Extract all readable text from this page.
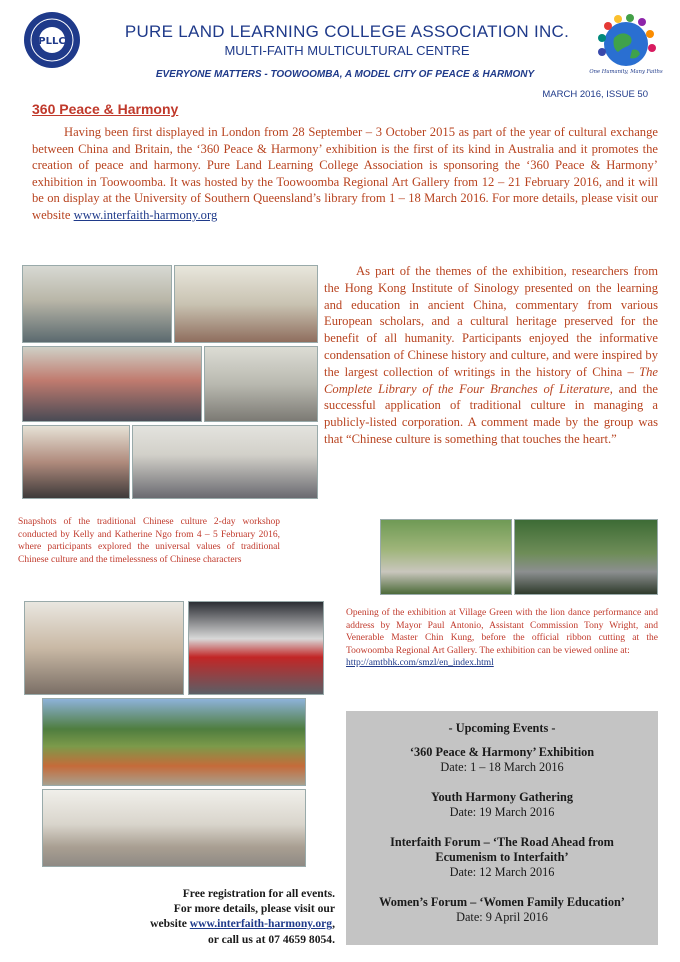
PLLC
PURE LAND LEARNING COLLEGE ASSOCIATION INC.
MULTI-FAITH MULTICULTURAL CENTRE
One Humanity, Many Faiths
EVERYONE MATTERS - TOOWOOMBA, A MODEL CITY OF PEACE & HARMONY
MARCH 2016, ISSUE 50
360 Peace & Harmony
Having been first displayed in London from 28 September – 3 October 2015 as part of the year of cultural exchange between China and Britain, the ‘360 Peace & Harmony’ exhibition is the first of its kind in Australia and it promotes the creation of peace and harmony. Pure Land Learning College Association is sponsoring the ‘360 Peace & Harmony’ exhibition in Toowoomba. It was hosted by the Toowoomba Regional Art Gallery from 12 – 21 February 2016, and it will be on display at the University of Southern Queensland’s library from 1 – 18 March 2016. For more details, please visit our website www.interfaith-harmony.org
As part of the themes of the exhibition, researchers from the Hong Kong Institute of Sinology presented on the learning and education in ancient China, commentary from various European scholars, and a cultural heritage preserved for the benefit of all humanity. Participants enjoyed the informative condensation of Chinese history and culture, and were inspired by the largest collection of writings in the history of China – The Complete Library of the Four Branches of Literature, and the successful application of traditional culture in managing a publicly-listed corporation. A comment made by the group was that “Chinese culture is something that touches the heart.”
Snapshots of the traditional Chinese culture 2-day workshop conducted by Kelly and Katherine Ngo from 4 – 5 February 2016, where participants explored the universal values of traditional Chinese culture and the timelessness of Chinese characters
Opening of the exhibition at Village Green with the lion dance performance and address by Mayor Paul Antonio, Assistant Commission Tony Wright, and Venerable Master Chin Kung, before the official ribbon cutting at the Toowoomba Regional Art Gallery. The exhibition can be viewed online at:
http://amtbhk.com/smzl/en_index.html
- Upcoming Events -
‘360 Peace & Harmony’ Exhibition
Date: 1 – 18 March 2016
Youth Harmony Gathering
Date: 19 March 2016
Interfaith Forum – ‘The Road Ahead from Ecumenism to Interfaith’
Date: 12 March 2016
Women’s Forum – ‘Women Family Education’
Date: 9 April 2016
Free registration for all events.
For more details, please visit our
website www.interfaith-harmony.org,
or call us at 07 4659 8054.
